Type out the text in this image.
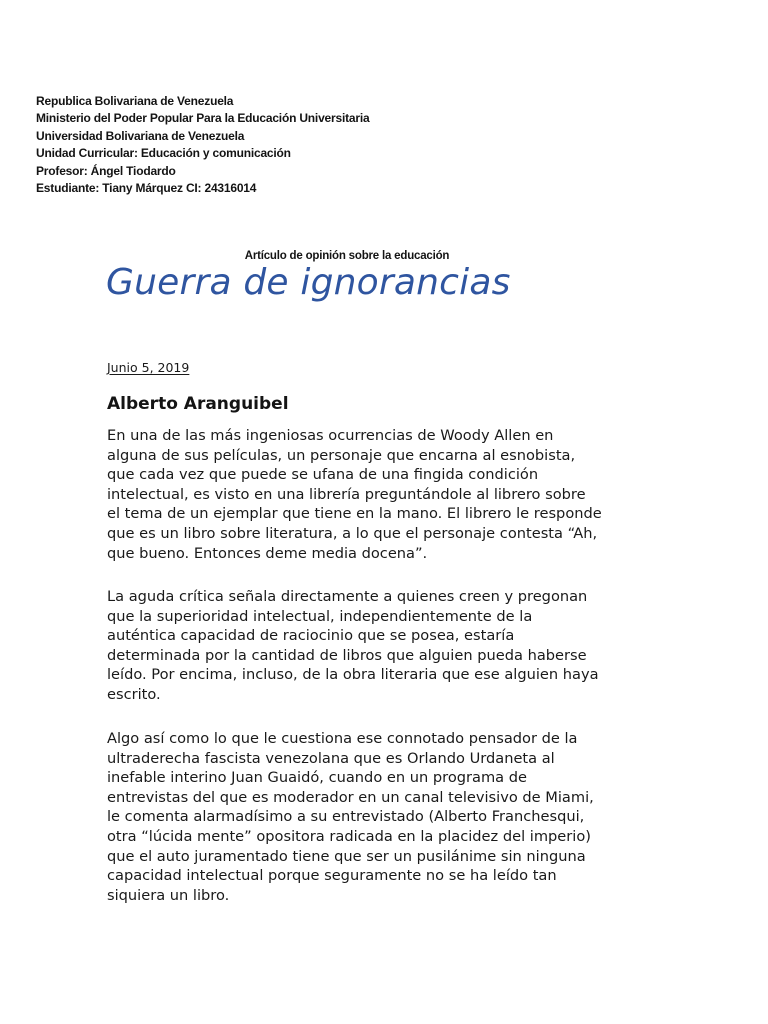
Republica Bolivariana de Venezuela
Ministerio del Poder Popular Para la Educación Universitaria
Universidad Bolivariana de Venezuela
Unidad Curricular: Educación y comunicación
Profesor: Ángel Tiodardo
Estudiante: Tiany Márquez CI: 24316014
Artículo de opinión sobre la educación
Guerra de ignorancias
Junio 5, 2019
Alberto Aranguibel
En una de las más ingeniosas ocurrencias de Woody Allen en
alguna de sus películas, un personaje que encarna al esnobista,
que cada vez que puede se ufana de una fingida condición
intelectual, es visto en una librería preguntándole al librero sobre
el tema de un ejemplar que tiene en la mano. El librero le responde
que es un libro sobre literatura, a lo que el personaje contesta “Ah,
que bueno. Entonces deme media docena”.
La aguda crítica señala directamente a quienes creen y pregonan
que la superioridad intelectual, independientemente de la
auténtica capacidad de raciocinio que se posea, estaría
determinada por la cantidad de libros que alguien pueda haberse
leído. Por encima, incluso, de la obra literaria que ese alguien haya
escrito.
Algo así como lo que le cuestiona ese connotado pensador de la
ultraderecha fascista venezolana que es Orlando Urdaneta al
inefable interino Juan Guaidó, cuando en un programa de
entrevistas del que es moderador en un canal televisivo de Miami,
le comenta alarmadísimo a su entrevistado (Alberto Franchesqui,
otra “lúcida mente” opositora radicada en la placidez del imperio)
que el auto juramentado tiene que ser un pusilánime sin ninguna
capacidad intelectual porque seguramente no se ha leído tan
siquiera un libro.
